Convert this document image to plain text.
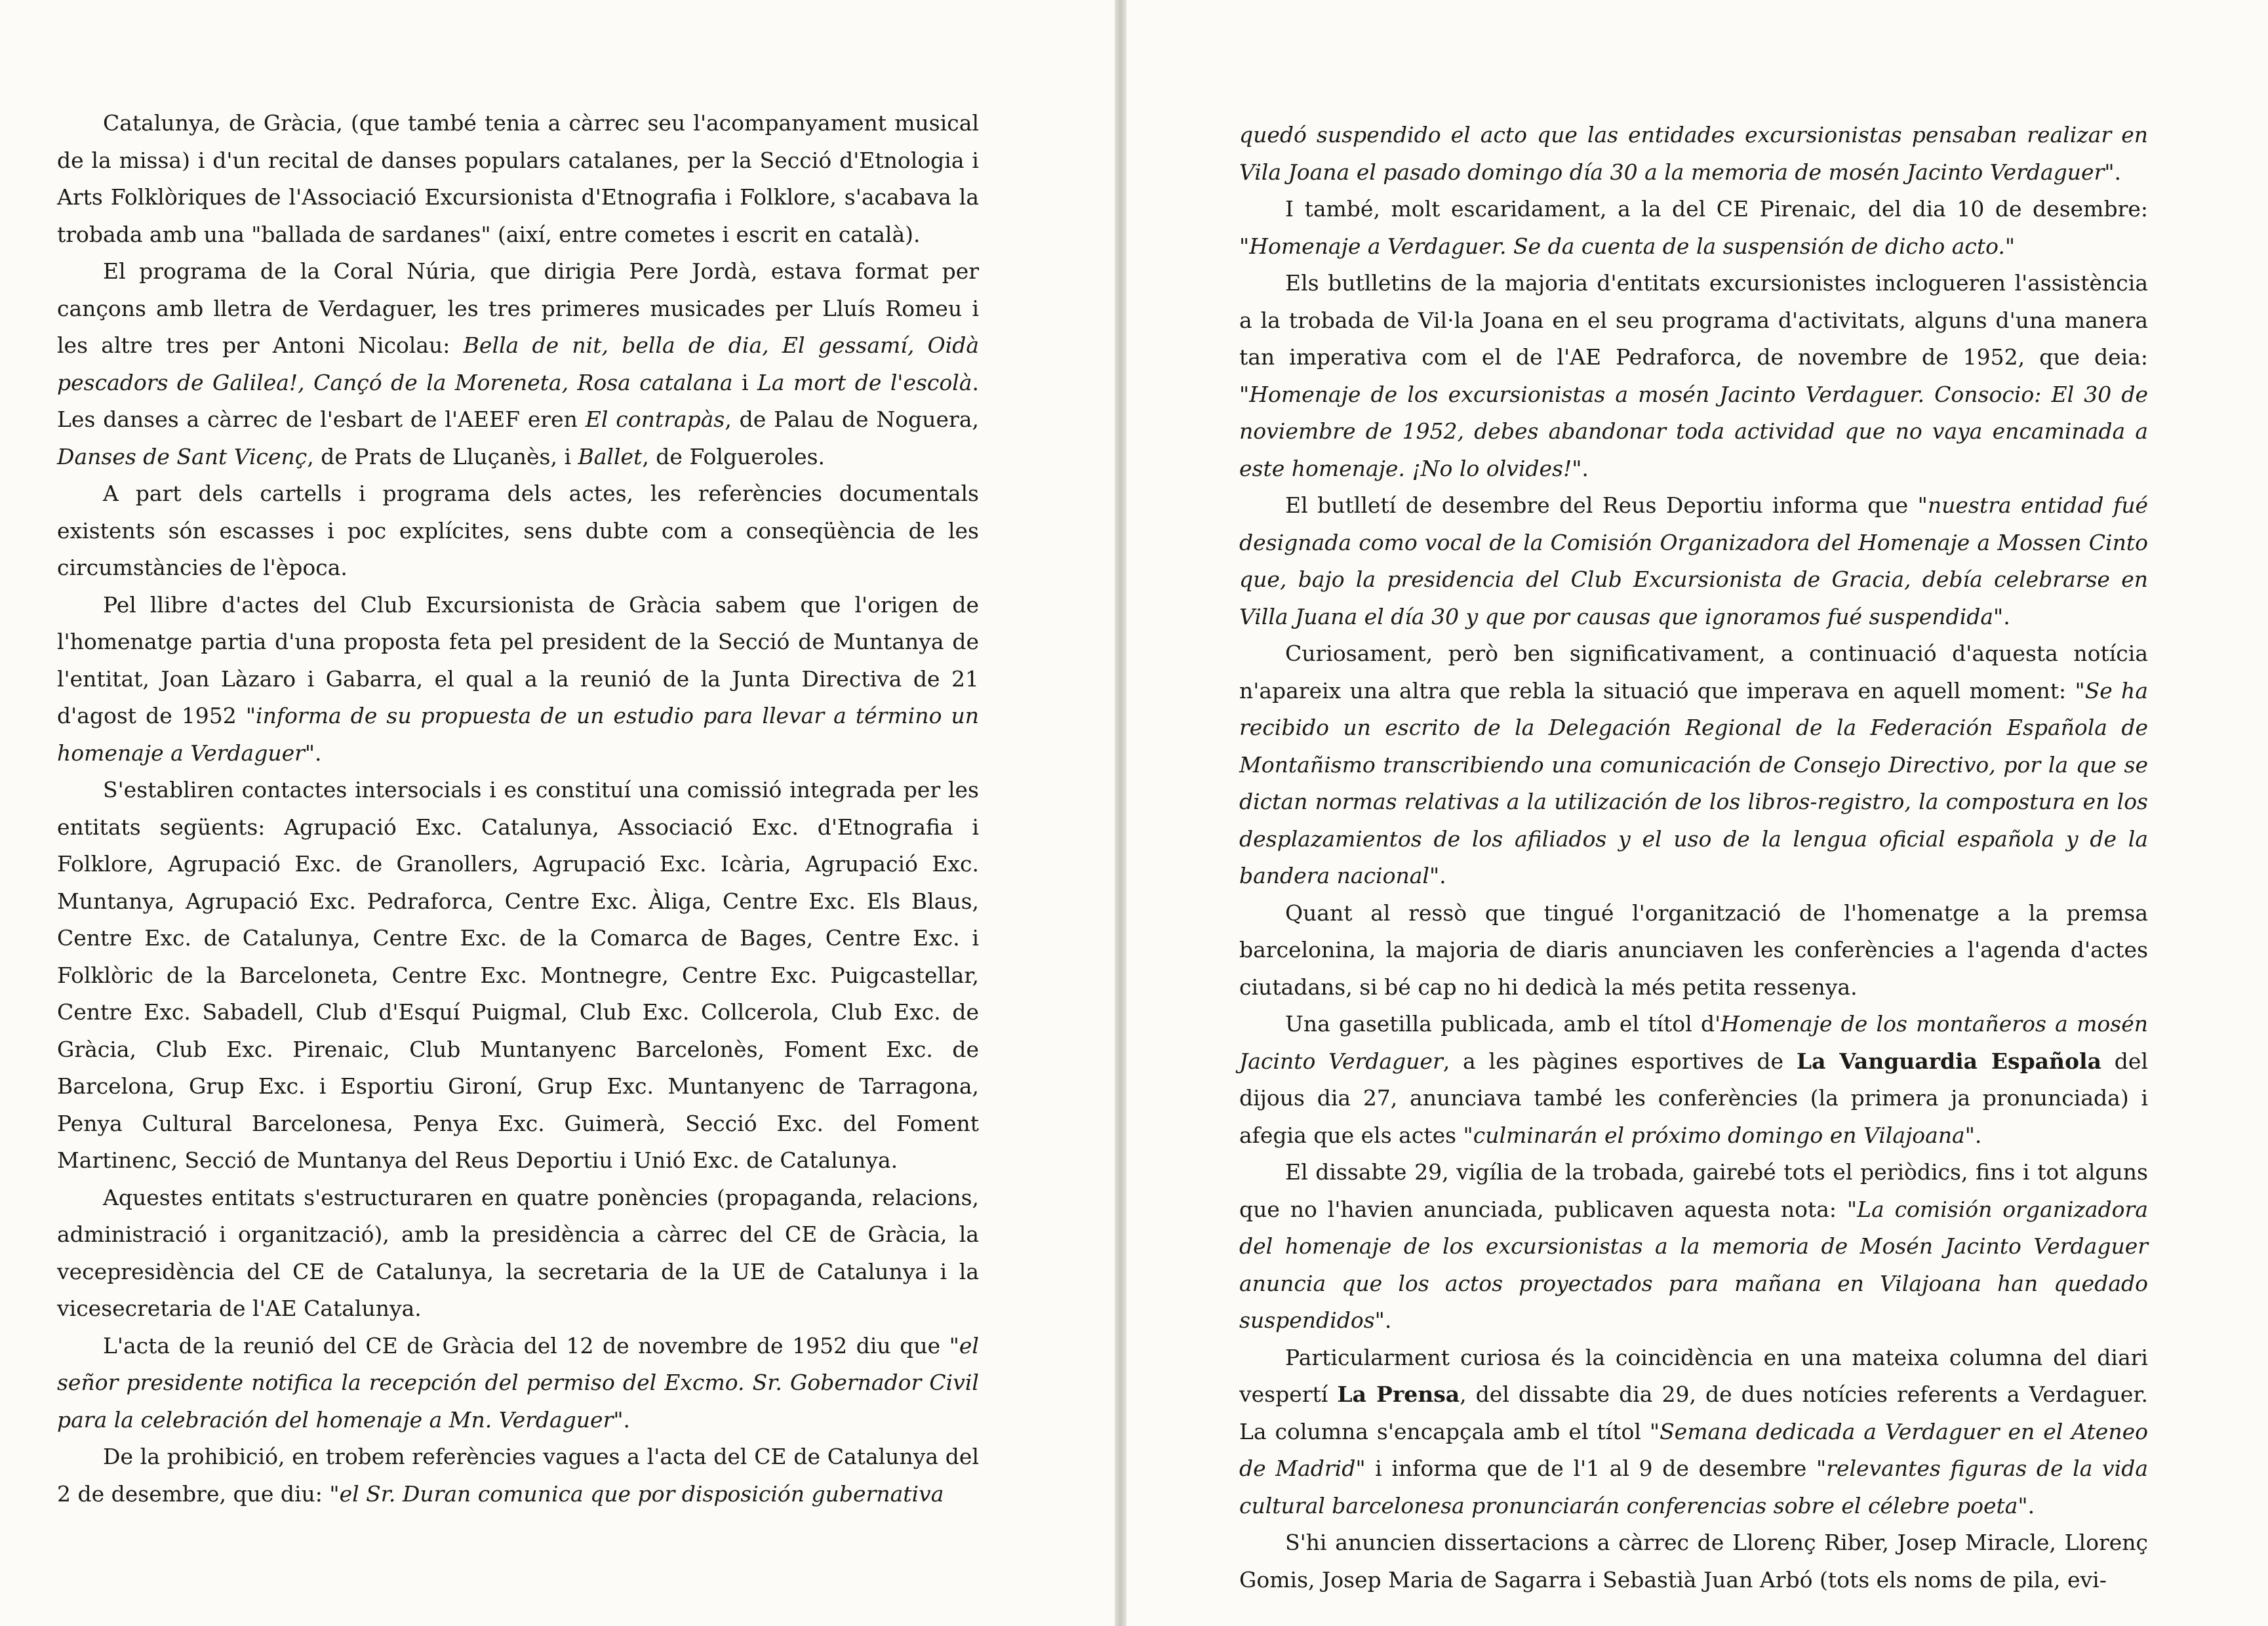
Catalunya, de Gràcia, (que també tenia a càrrec seu l'acompanyament musical de la missa) i d'un recital de danses populars catalanes, per la Secció d'Etnologia i Arts Folklòriques de l'Associació Excursionista d'Etnografia i Folklore, s'acabava la trobada amb una "ballada de sardanes" (així, entre cometes i escrit en català).

El programa de la Coral Núria, que dirigia Pere Jordà, estava format per cançons amb lletra de Verdaguer, les tres primeres musicades per Lluís Romeu i les altre tres per Antoni Nicolau: Bella de nit, bella de dia, El gessamí, Oidà pescadors de Galilea!, Cançó de la Moreneta, Rosa catalana i La mort de l'escolà. Les danses a càrrec de l'esbart de l'AEEF eren El contrapàs, de Palau de Noguera, Danses de Sant Vicenç, de Prats de Lluçanès, i Ballet, de Folgueroles.

A part dels cartells i programa dels actes, les referències documentals existents són escasses i poc explícites, sens dubte com a conseqüència de les circumstàncies de l'època.

Pel llibre d'actes del Club Excursionista de Gràcia sabem que l'origen de l'homenatge partia d'una proposta feta pel president de la Secció de Muntanya de l'entitat, Joan Làzaro i Gabarra, el qual a la reunió de la Junta Directiva de 21 d'agost de 1952 "informa de su propuesta de un estudio para llevar a término un homenaje a Verdaguer".

S'establiren contactes intersocials i es constituí una comissió integrada per les entitats següents: Agrupació Exc. Catalunya, Associació Exc. d'Etnografia i Folklore, Agrupació Exc. de Granollers, Agrupació Exc. Icària, Agrupació Exc. Muntanya, Agrupació Exc. Pedraforca, Centre Exc. Àliga, Centre Exc. Els Blaus, Centre Exc. de Catalunya, Centre Exc. de la Comarca de Bages, Centre Exc. i Folklòric de la Barceloneta, Centre Exc. Montnegre, Centre Exc. Puigcastellar, Centre Exc. Sabadell, Club d'Esquí Puigmal, Club Exc. Collcerola, Club Exc. de Gràcia, Club Exc. Pirenaic, Club Muntanyenc Barcelonès, Foment Exc. de Barcelona, Grup Exc. i Esportiu Gironí, Grup Exc. Muntanyenc de Tarragona, Penya Cultural Barcelonesa, Penya Exc. Guimerà, Secció Exc. del Foment Martinenc, Secció de Muntanya del Reus Deportiu i Unió Exc. de Catalunya.

Aquestes entitats s'estructuraren en quatre ponències (propaganda, relacions, administració i organització), amb la presidència a càrrec del CE de Gràcia, la vecepresidència del CE de Catalunya, la secretaria de la UE de Catalunya i la vicesecretaria de l'AE Catalunya.

L'acta de la reunió del CE de Gràcia del 12 de novembre de 1952 diu que "el señor presidente notifica la recepción del permiso del Excmo. Sr. Gobernador Civil para la celebración del homenaje a Mn. Verdaguer".

De la prohibició, en trobem referències vagues a l'acta del CE de Catalunya del 2 de desembre, que diu: "el Sr. Duran comunica que por disposición gubernativa

quedó suspendido el acto que las entidades excursionistas pensaban realizar en Vila Joana el pasado domingo día 30 a la memoria de mosén Jacinto Verdaguer".

I també, molt escaridament, a la del CE Pirenaic, del dia 10 de desembre: "Homenaje a Verdaguer. Se da cuenta de la suspensión de dicho acto."

Els butlletins de la majoria d'entitats excursionistes inclogueren l'assistència a la trobada de Vil·la Joana en el seu programa d'activitats, alguns d'una manera tan imperativa com el de l'AE Pedraforca, de novembre de 1952, que deia: "Homenaje de los excursionistas a mosén Jacinto Verdaguer. Consocio: El 30 de noviembre de 1952, debes abandonar toda actividad que no vaya encaminada a este homenaje. ¡No lo olvides!".

El butlletí de desembre del Reus Deportiu informa que "nuestra entidad fué designada como vocal de la Comisión Organizadora del Homenaje a Mossen Cinto que, bajo la presidencia del Club Excursionista de Gracia, debía celebrarse en Villa Juana el día 30 y que por causas que ignoramos fué suspendida".

Curiosament, però ben significativament, a continuació d'aquesta notícia n'apareix una altra que rebla la situació que imperava en aquell moment: "Se ha recibido un escrito de la Delegación Regional de la Federación Española de Montañismo transcribiendo una comunicación de Consejo Directivo, por la que se dictan normas relativas a la utilización de los libros-registro, la compostura en los desplazamientos de los afiliados y el uso de la lengua oficial española y de la bandera nacional".

Quant al ressò que tingué l'organització de l'homenatge a la premsa barcelonina, la majoria de diaris anunciaven les conferències a l'agenda d'actes ciutadans, si bé cap no hi dedicà la més petita ressenya.

Una gasetilla publicada, amb el títol d'Homenaje de los montañeros a mosén Jacinto Verdaguer, a les pàgines esportives de La Vanguardia Española del dijous dia 27, anunciava també les conferències (la primera ja pronunciada) i afegia que els actes "culminarán el próximo domingo en Vilajoana".

El dissabte 29, vigília de la trobada, gairebé tots el periòdics, fins i tot alguns que no l'havien anunciada, publicaven aquesta nota: "La comisión organizadora del homenaje de los excursionistas a la memoria de Mosén Jacinto Verdaguer anuncia que los actos proyectados para mañana en Vilajoana han quedado suspendidos".

Particularment curiosa és la coincidència en una mateixa columna del diari vespertí La Prensa, del dissabte dia 29, de dues notícies referents a Verdaguer. La columna s'encapçala amb el títol "Semana dedicada a Verdaguer en el Ateneo de Madrid" i informa que de l'1 al 9 de desembre "relevantes figuras de la vida cultural barcelonesa pronunciarán conferencias sobre el célebre poeta".

S'hi anuncien dissertacions a càrrec de Llorenç Riber, Josep Miracle, Llorenç Gomis, Josep Maria de Sagarra i Sebastià Juan Arbó (tots els noms de pila, evi-
